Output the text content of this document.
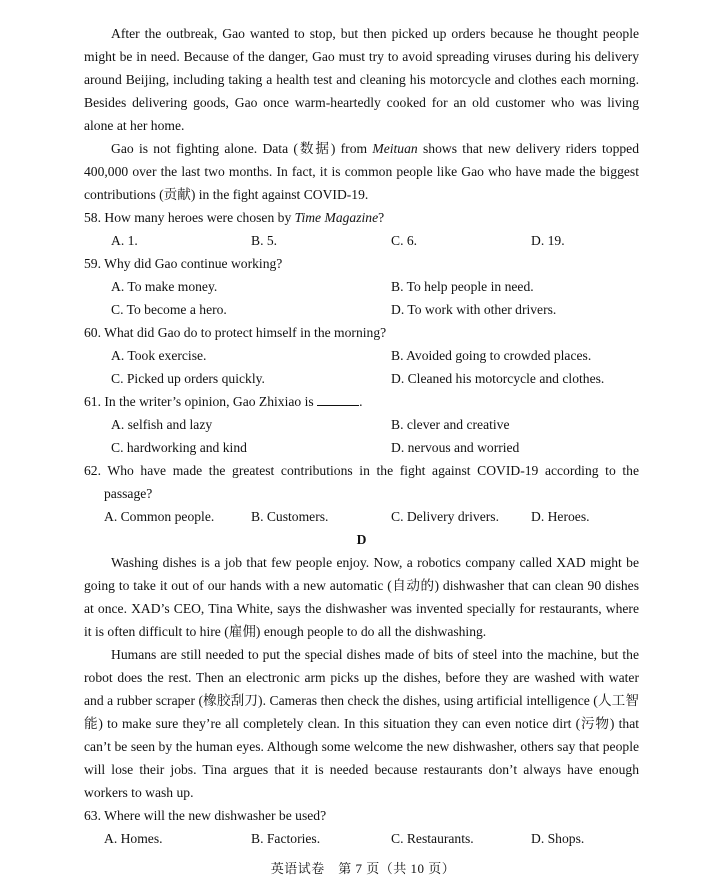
After the outbreak, Gao wanted to stop, but then picked up orders because he thought people might be in need. Because of the danger, Gao must try to avoid spreading viruses during his delivery around Beijing, including taking a health test and cleaning his motorcycle and clothes each morning. Besides delivering goods, Gao once warm-heartedly cooked for an old customer who was living alone at her home.

Gao is not fighting alone. Data (数据) from Meituan shows that new delivery riders topped 400,000 over the last two months. In fact, it is common people like Gao who have made the biggest contributions (贡献) in the fight against COVID-19.

58. How many heroes were chosen by Time Magazine?

A. 1.	B. 5.	C. 6.	D. 19.

59. Why did Gao continue working?

A. To make money.	B. To help people in need.
C. To become a hero.	D. To work with other drivers.

60. What did Gao do to protect himself in the morning?

A. Took exercise.	B. Avoided going to crowded places.
C. Picked up orders quickly.	D. Cleaned his motorcycle and clothes.

61. In the writer’s opinion, Gao Zhixiao is	.

A. selfish and lazy	B. clever and creative
C. hardworking and kind	D. nervous and worried

62. Who have made the greatest contributions in the fight against COVID-19 according to the passage?

A. Common people.	B. Customers.	C. Delivery drivers.	D. Heroes.

D

Washing dishes is a job that few people enjoy. Now, a robotics company called XAD might be going to take it out of our hands with a new automatic (自动的) dishwasher that can clean 90 dishes at once. XAD’s CEO, Tina White, says the dishwasher was invented specially for restaurants, where it is often difficult to hire (雇佣) enough people to do all the dishwashing.

Humans are still needed to put the special dishes made of bits of steel into the machine, but the robot does the rest. Then an electronic arm picks up the dishes, before they are washed with water and a rubber scraper (橡胶刮刀). Cameras then check the dishes, using artificial intelligence (人工智能) to make sure they’re all completely clean. In this situation they can even notice dirt (污物) that can’t be seen by the human eyes. Although some welcome the new dishwasher, others say that people will lose their jobs. Tina argues that it is needed because restaurants don’t always have enough workers to wash up.

63. Where will the new dishwasher be used?

A. Homes.	B. Factories.	C. Restaurants.	D. Shops.
英语试卷　第 7 页（共 10 页）
